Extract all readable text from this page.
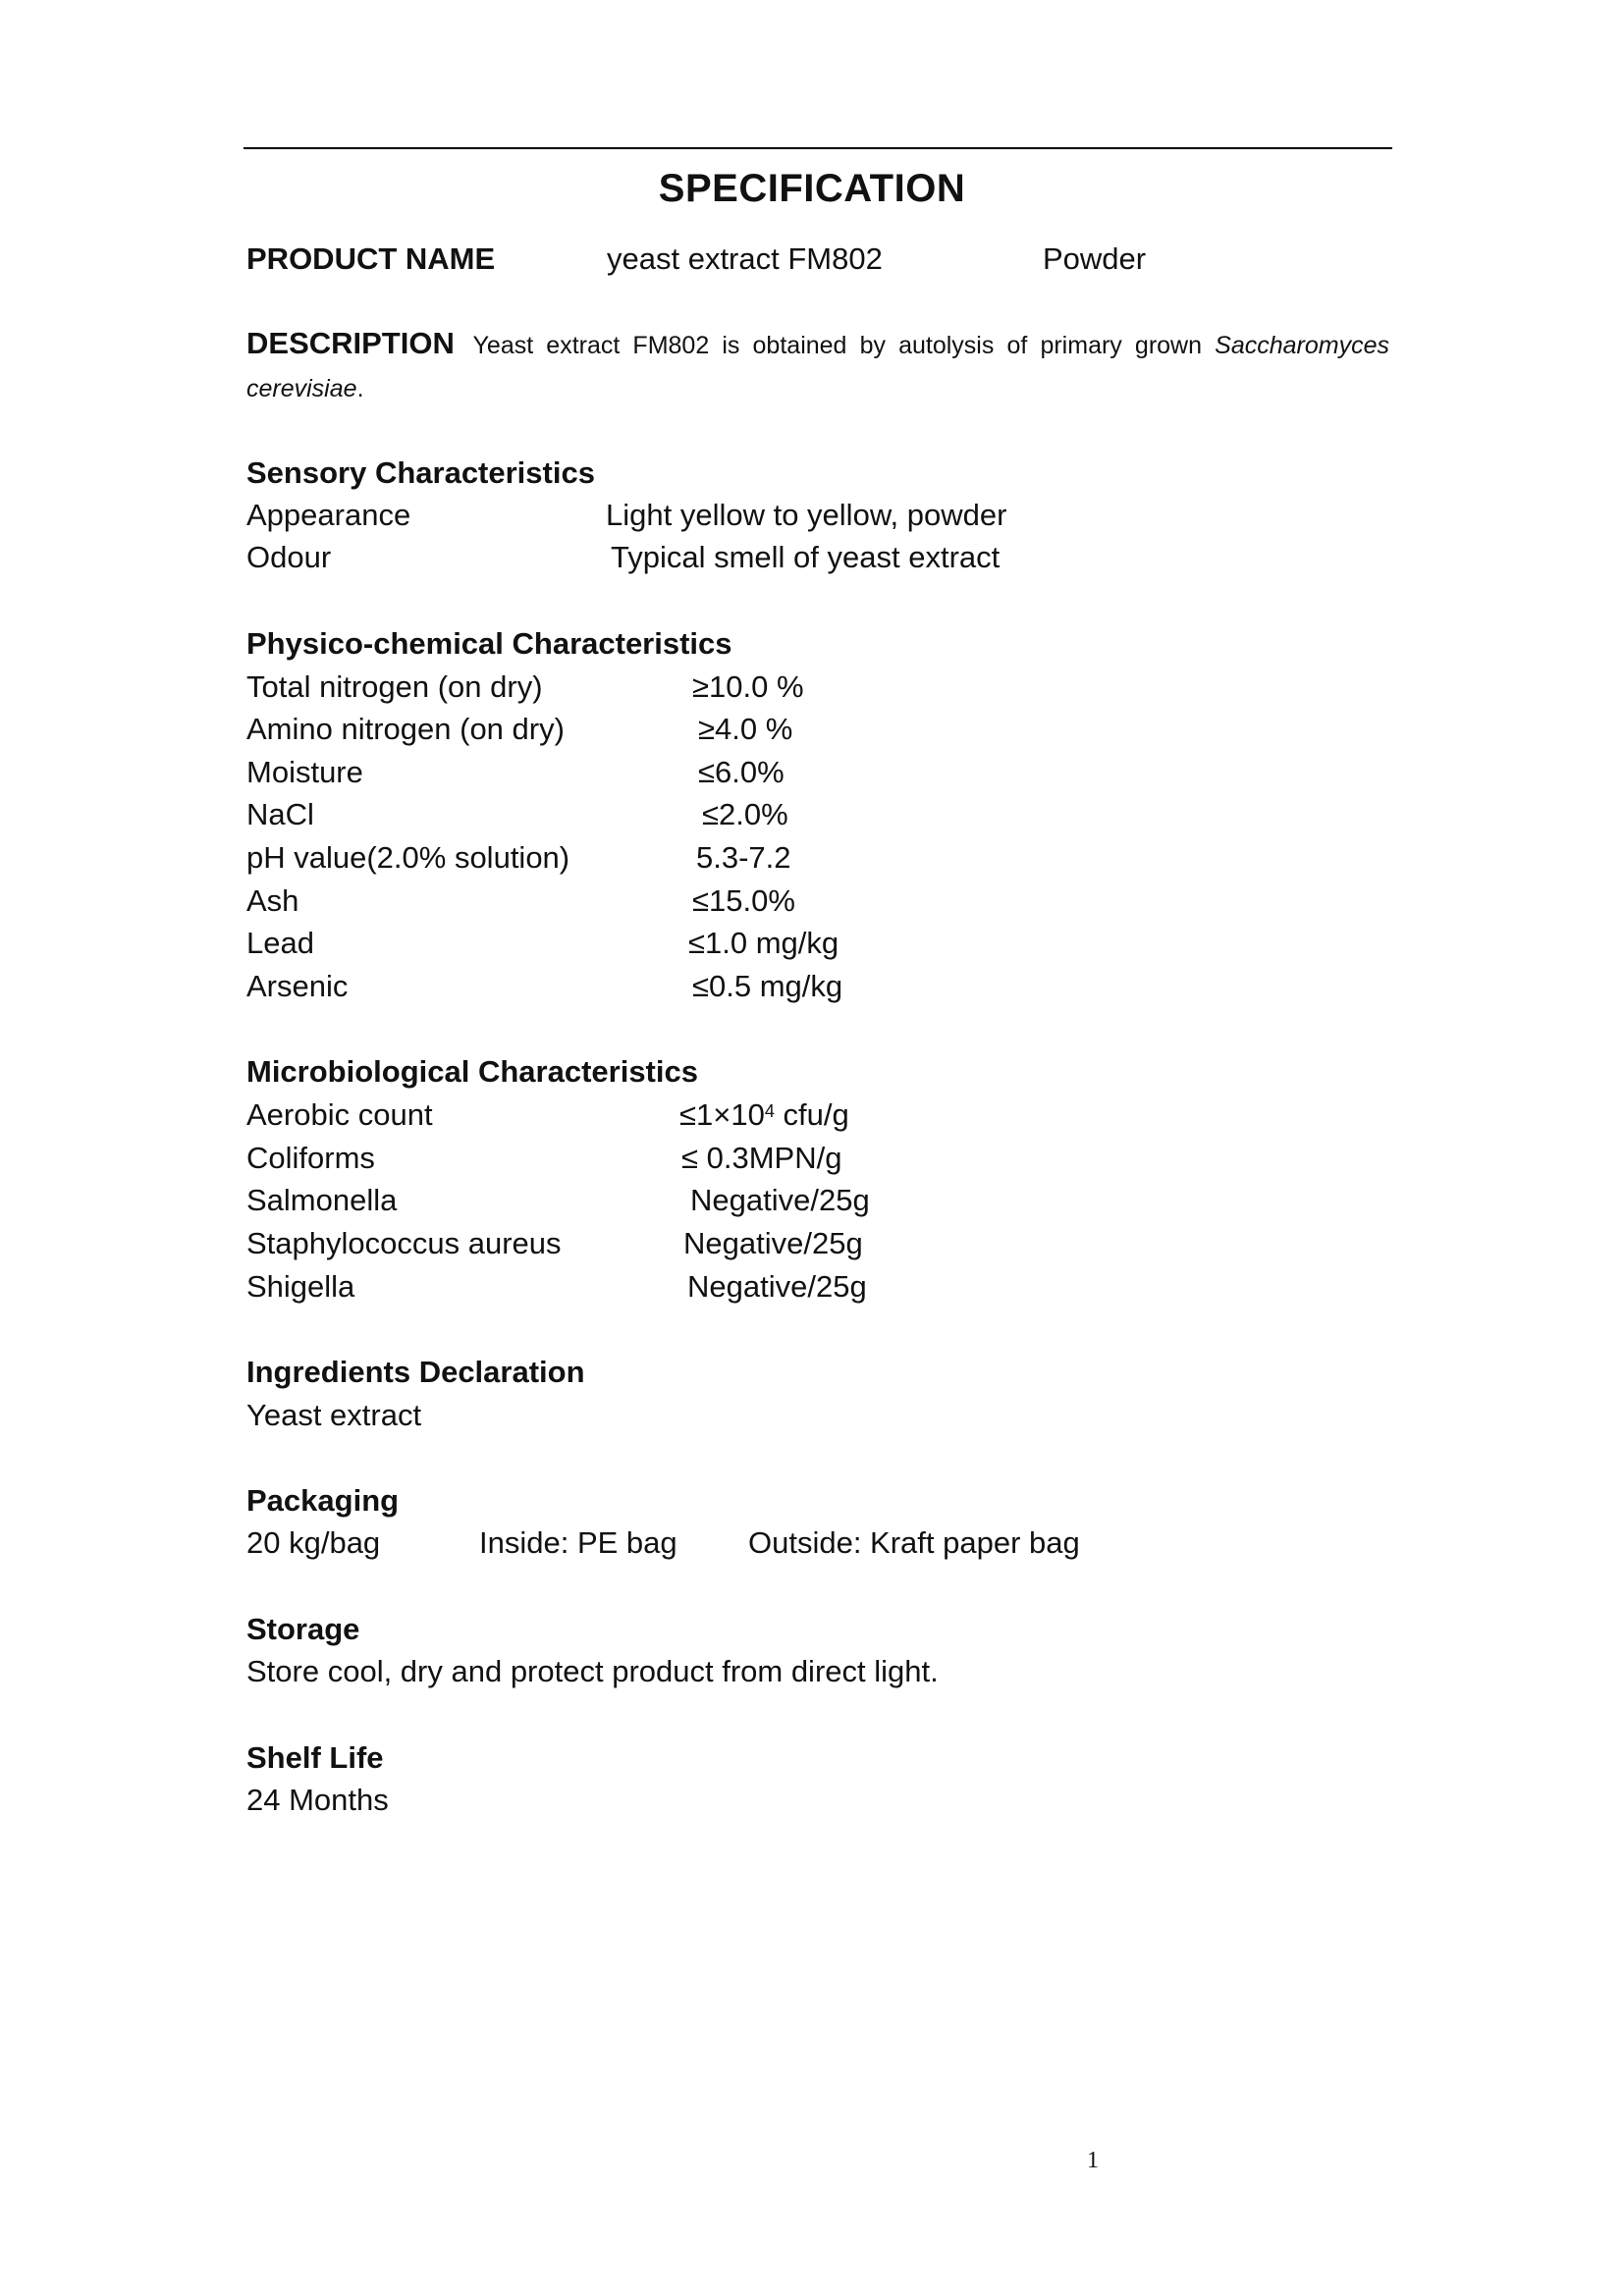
SPECIFICATION
PRODUCT NAME	yeast extract FM802	Powder
DESCRIPTION Yeast extract FM802 is obtained by autolysis of primary grown Saccharomyces cerevisiae.
Sensory Characteristics
Appearance	Light yellow to yellow, powder
Odour	Typical smell of yeast extract
Physico-chemical Characteristics
Total nitrogen (on dry)	≥10.0 %
Amino nitrogen (on dry)	≥4.0 %
Moisture	≤6.0%
NaCl	≤2.0%
pH value(2.0% solution)	5.3-7.2
Ash	≤15.0%
Lead	≤1.0 mg/kg
Arsenic	≤0.5 mg/kg
Microbiological Characteristics
Aerobic count	$\le 1\times 10^4$ cfu/g
Coliforms	≤ 0.3MPN/g
Salmonella	Negative/25g
Staphylococcus aureus	Negative/25g
Shigella	Negative/25g
Ingredients Declaration
Yeast extract
Packaging
20 kg/bag	Inside: PE bag Outside: Kraft paper bag
Storage
Store cool, dry and protect product from direct light.
Shelf Life
24 Months
1
